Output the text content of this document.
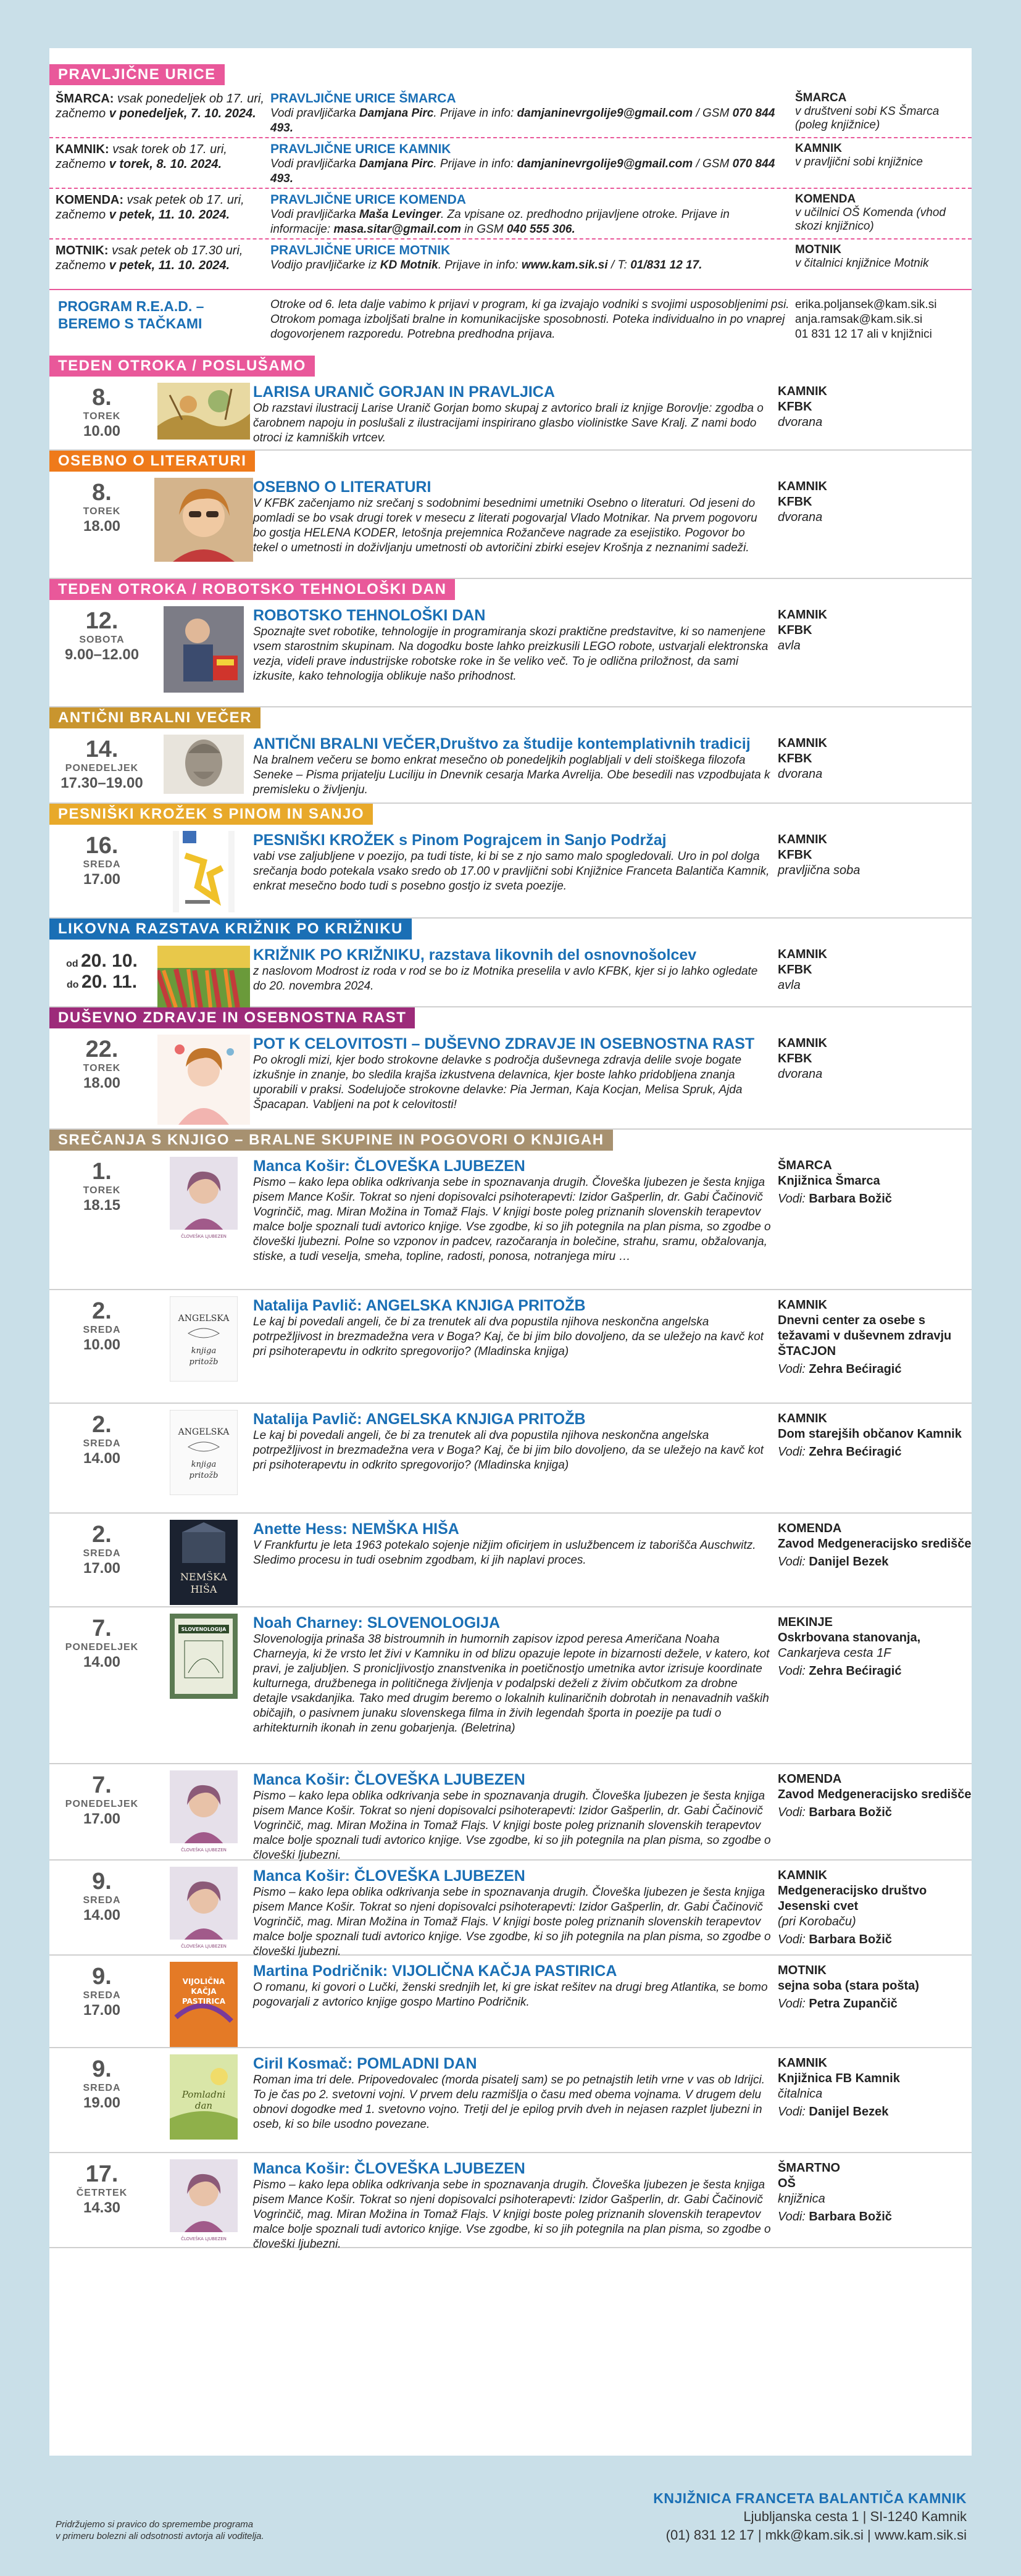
PRAVLJIČNE URICE
ŠMARCA: vsak ponedeljek ob 17. uri, začnemo v ponedeljek, 7. 10. 2024.
PRAVLJIČNE URICE ŠMARCA
Vodi pravljičarka Damjana Pirc. Prijave in info: damjaninevrgolije9@gmail.com / GSM 070 844 493.
ŠMARCA
v društveni sobi KS Šmarca (poleg knjižnice)
KAMNIK: vsak torek ob 17. uri, začnemo v torek, 8. 10. 2024.
PRAVLJIČNE URICE KAMNIK
Vodi pravljičarka Damjana Pirc. Prijave in info: damjaninevrgolije9@gmail.com / GSM 070 844 493.
KAMNIK
v pravljični sobi knjižnice
KOMENDA: vsak petek ob 17. uri, začnemo v petek, 11. 10. 2024.
PRAVLJIČNE URICE KOMENDA
Vodi pravljičarka Maša Levinger. Za vpisane oz. predhodno prijavljene otroke. Prijave in informacije: masa.sitar@gmail.com in GSM 040 555 306.
KOMENDA
v učilnici OŠ Komenda (vhod skozi knjižnico)
MOTNIK: vsak petek ob 17.30 uri, začnemo v petek, 11. 10. 2024.
PRAVLJIČNE URICE MOTNIK
Vodijo pravljičarke iz KD Motnik. Prijave in info: www.kam.sik.si / T: 01/831 12 17.
MOTNIK
v čitalnici knjižnice Motnik
PROGRAM R.E.A.D. – BEREMO S TAČKAMI
Otroke od 6. leta dalje vabimo k prijavi v program, ki ga izvajajo vodniki s svojimi usposobljenimi psi. Otrokom pomaga izboljšati bralne in komunikacijske sposobnosti. Poteka individualno in po vnaprej dogovorjenem razporedu. Potrebna predhodna prijava.
erika.poljansek@kam.sik.si
anja.ramsak@kam.sik.si
01 831 12 17 ali v knjižnici
TEDEN OTROKA / POSLUŠAMO
8.
TOREK
10.00
LARISA URANIČ GORJAN IN PRAVLJICA
Ob razstavi ilustracij Larise Uranič Gorjan bomo skupaj z avtorico brali iz knjige Borovlje: zgodba o čarobnem napoju in poslušali z ilustracijami inspirirano glasbo violinistke Save Kralj. Z nami bodo otroci iz kamniških vrtcev.
KAMNIK
KFBK
dvorana
OSEBNO O LITERATURI
8.
TOREK
18.00
OSEBNO O LITERATURI
V KFBK začenjamo niz srečanj s sodobnimi besednimi umetniki Osebno o literaturi. Od jeseni do pomladi se bo vsak drugi torek v mesecu z literati pogovarjal Vlado Motnikar. Na prvem pogovoru bo gostja HELENA KODER, letošnja prejemnica Rožančeve nagrade za esejistiko. Pogovor bo tekel o umetnosti in doživljanju umetnosti ob avtoričini zbirki esejev Krošnja z neznanimi sadeži.
KAMNIK
KFBK
dvorana
TEDEN OTROKA / ROBOTSKO TEHNOLOŠKI DAN
12.
SOBOTA
9.00–12.00
ROBOTSKO TEHNOLOŠKI DAN
Spoznajte svet robotike, tehnologije in programiranja skozi praktične predstavitve, ki so namenjene vsem starostnim skupinam. Na dogodku boste lahko preizkusili LEGO robote, ustvarjali elektronska vezja, videli prave industrijske robotske roke in še veliko več. To je odlična priložnost, da sami izkusite, kako tehnologija oblikuje našo prihodnost.
KAMNIK
KFBK
avla
ANTIČNI BRALNI VEČER
14.
PONEDELJEK
17.30–19.00
ANTIČNI BRALNI VEČER,Društvo za študije kontemplativnih tradicij
Na bralnem večeru se bomo enkrat mesečno ob ponedeljkih poglabljali v deli stoiškega filozofa Seneke – Pisma prijatelju Luciliju in Dnevnik cesarja Marka Avrelija. Obe besedili nas vzpodbujata k premisleku o življenju.
KAMNIK
KFBK
dvorana
PESNIŠKI KROŽEK S PINOM IN SANJO
16.
SREDA
17.00
PESNIŠKI KROŽEK s Pinom Pograjcem in Sanjo Podržaj
vabi vse zaljubljene v poezijo, pa tudi tiste, ki bi se z njo samo malo spogledovali. Uro in pol dolga srečanja bodo potekala vsako sredo ob 17.00 v pravljični sobi Knjižnice Franceta Balantiča Kamnik, enkrat mesečno bodo tudi s posebno gostjo iz sveta poezije.
KAMNIK
KFBK
pravljična soba
LIKOVNA RAZSTAVA KRIŽNIK PO KRIŽNIKU
od 20. 10.
do 20. 11.
KRIŽNIK PO KRIŽNIKU, razstava likovnih del osnovnošolcev
z naslovom Modrost iz roda v rod se bo iz Motnika preselila v avlo KFBK, kjer si jo lahko ogledate do 20. novembra 2024.
KAMNIK
KFBK
avla
DUŠEVNO ZDRAVJE IN OSEBNOSTNA RAST
22.
TOREK
18.00
POT K CELOVITOSTI – DUŠEVNO ZDRAVJE IN OSEBNOSTNA RAST
Po okrogli mizi, kjer bodo strokovne delavke s področja duševnega zdravja delile svoje bogate izkušnje in znanje, bo sledila krajša izkustvena delavnica, kjer boste lahko pridobljena znanja uporabili v praksi. Sodelujoče strokovne delavke: Pia Jerman, Kaja Kocjan, Melisa Spruk, Ajda Špacapan. Vabljeni na pot k celovitosti!
KAMNIK
KFBK
dvorana
SREČANJA S KNJIGO – BRALNE SKUPINE IN POGOVORI O KNJIGAH
1.
TOREK
18.15
ČLOVEŠKA LJUBEZEN
Manca Košir: ČLOVEŠKA LJUBEZEN
Pismo – kako lepa oblika odkrivanja sebe in spoznavanja drugih. Človeška ljubezen je šesta knjiga pisem Mance Košir. Tokrat so njeni dopisovalci psihoterapevti: Izidor Gašperlin, dr. Gabi Čačinovič Vogrinčič, mag. Miran Možina in Tomaž Flajs. V knjigi boste poleg priznanih slovenskih terapevtov malce bolje spoznali tudi avtorico knjige. Vse zgodbe, ki so jih potegnila na plan pisma, so zgodbe o človeški ljubezni. Polne so vzponov in padcev, razočaranja in bolečine, strahu, sramu, obžalovanja, stiske, a tudi veselja, smeha, topline, radosti, ponosa, notranjega miru …
ŠMARCA
Knjižnica Šmarca
Vodi: Barbara Božič
2.
SREDA
10.00
ANGELSKA
knjiga
pritožb
Natalija Pavlič: ANGELSKA KNJIGA PRITOŽB
Le kaj bi povedali angeli, če bi za trenutek ali dva popustila njihova neskončna angelska potrpežljivost in brezmadežna vera v Boga? Kaj, če bi jim bilo dovoljeno, da se uležejo na kavč kot pri psihoterapevtu in odkrito spregovorijo? (Mladinska knjiga)
KAMNIK
Dnevni center za osebe s težavami v duševnem zdravju ŠTACJON
Vodi: Zehra Bećiragić
2.
SREDA
14.00
ANGELSKA
knjiga
pritožb
Natalija Pavlič: ANGELSKA KNJIGA PRITOŽB
Le kaj bi povedali angeli, če bi za trenutek ali dva popustila njihova neskončna angelska potrpežljivost in brezmadežna vera v Boga? Kaj, če bi jim bilo dovoljeno, da se uležejo na kavč kot pri psihoterapevtu in odkrito spregovorijo? (Mladinska knjiga)
KAMNIK
Dom starejših občanov Kamnik
Vodi: Zehra Bećiragić
2.
SREDA
17.00
NEMŠKA
HIŠA
Anette Hess: NEMŠKA HIŠA
V Frankfurtu je leta 1963 potekalo sojenje nižjim oficirjem in uslužbencem iz taborišča Auschwitz. Sledimo procesu in tudi osebnim zgodbam, ki jih naplavi proces.
KOMENDA
Zavod Medgeneracijsko središče
Vodi: Danijel Bezek
7.
PONEDELJEK
14.00
SLOVENOLOGIJA Noah Charney: SLOVENOLOGIJA
Slovenologija prinaša 38 bistroumnih in humornih zapisov izpod peresa Američana Noaha Charneyja, ki že vrsto let živi v Kamniku in od blizu opazuje lepote in bizarnosti dežele, v katero, kot pravi, je zaljubljen. S pronicljivostjo znanstvenika in poetičnostjo umetnika avtor izrisuje koordinate kulturnega, družbenega in političnega življenja v podalpski deželi z živim občutkom za drobne detajle vsakdanjika. Tako med drugim beremo o lokalnih kulinaričnih dobrotah in nenavadnih vaških običajih, o pasivnem junaku slovenskega filma in živih legendah športa in poezije pa tudi o arhitekturnih ikonah in zenu gobarjenja. (Beletrina)
MEKINJE
Oskrbovana stanovanja,
Cankarjeva cesta 1F
Vodi: Zehra Bećiragić
7.
PONEDELJEK
17.00
ČLOVEŠKA LJUBEZEN
Manca Košir: ČLOVEŠKA LJUBEZEN
Pismo – kako lepa oblika odkrivanja sebe in spoznavanja drugih. Človeška ljubezen je šesta knjiga pisem Mance Košir. Tokrat so njeni dopisovalci psihoterapevti: Izidor Gašperlin, dr. Gabi Čačinovič Vogrinčič, mag. Miran Možina in Tomaž Flajs. V knjigi boste poleg priznanih slovenskih terapevtov malce bolje spoznali tudi avtorico knjige. Vse zgodbe, ki so jih potegnila na plan pisma, so zgodbe o človeški ljubezni.
KOMENDA
Zavod Medgeneracijsko središče
Vodi: Barbara Božič
9.
SREDA
14.00
ČLOVEŠKA LJUBEZEN
Manca Košir: ČLOVEŠKA LJUBEZEN
Pismo – kako lepa oblika odkrivanja sebe in spoznavanja drugih. Človeška ljubezen je šesta knjiga pisem Mance Košir. Tokrat so njeni dopisovalci psihoterapevti: Izidor Gašperlin, dr. Gabi Čačinovič Vogrinčič, mag. Miran Možina in Tomaž Flajs. V knjigi boste poleg priznanih slovenskih terapevtov malce bolje spoznali tudi avtorico knjige. Vse zgodbe, ki so jih potegnila na plan pisma, so zgodbe o človeški ljubezni.
KAMNIK
Medgeneracijsko društvo Jesenski cvet
(pri Korobaču)
Vodi: Barbara Božič
9.
SREDA
17.00
VIJOLIČNA
KAČJA
PASTIRICA
Martina Podričnik: VIJOLIČNA KAČJA PASTIRICA
O romanu, ki govori o Lučki, ženski srednjih let, ki gre iskat rešitev na drugi breg Atlantika, se bomo pogovarjali z avtorico knjige gospo Martino Podričnik.
MOTNIK
sejna soba (stara pošta)
Vodi: Petra Zupančič
9.
SREDA
19.00	Pomladni
dan
Ciril Kosmač: POMLADNI DAN
Roman ima tri dele. Pripovedovalec (morda pisatelj sam) se po petnajstih letih vrne v vas ob Idrijci. To je čas po 2. svetovni vojni. V prvem delu razmišlja o času med obema vojnama. V drugem delu obnovi dogodke med 1. svetovno vojno. Tretji del je epilog prvih dveh in nejasen razplet ljubezni in oseb, ki so bile usodno povezane.
KAMNIK
Knjižnica FB Kamnik
čitalnica
Vodi: Danijel Bezek
17.
ČETRTEK
14.30
ČLOVEŠKA LJUBEZEN
Manca Košir: ČLOVEŠKA LJUBEZEN
Pismo – kako lepa oblika odkrivanja sebe in spoznavanja drugih. Človeška ljubezen je šesta knjiga pisem Mance Košir. Tokrat so njeni dopisovalci psihoterapevti: Izidor Gašperlin, dr. Gabi Čačinovič Vogrinčič, mag. Miran Možina in Tomaž Flajs. V knjigi boste poleg priznanih slovenskih terapevtov malce bolje spoznali tudi avtorico knjige. Vse zgodbe, ki so jih potegnila na plan pisma, so zgodbe o človeški ljubezni.
ŠMARTNO
OŠ
knjižnica
Vodi: Barbara Božič
Pridržujemo si pravico do spremembe programa
v primeru bolezni ali odsotnosti avtorja ali voditelja.
KNJIŽNICA FRANCETA BALANTIČA KAMNIK
Ljubljanska cesta 1 | SI-1240 Kamnik
(01) 831 12 17 | mkk@kam.sik.si | www.kam.sik.si
